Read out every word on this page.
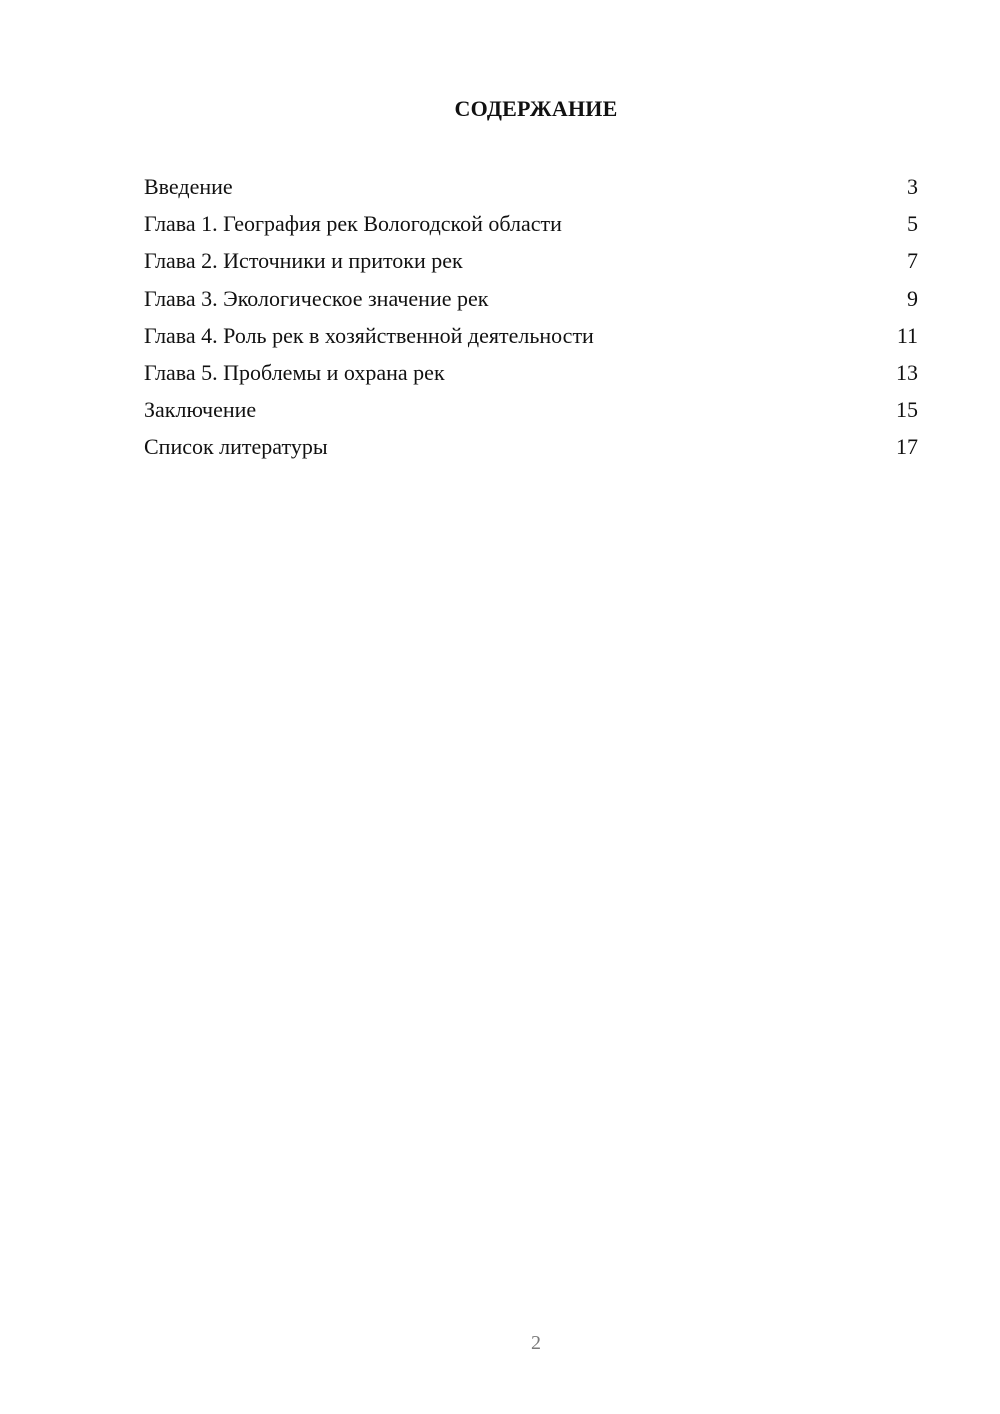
СОДЕРЖАНИЕ
Введение	3
Глава 1. География рек Вологодской области	5
Глава 2. Источники и притоки рек	7
Глава 3. Экологическое значение рек	9
Глава 4. Роль рек в хозяйственной деятельности	11
Глава 5. Проблемы и охрана рек	13
Заключение	15
Список литературы	17
2
